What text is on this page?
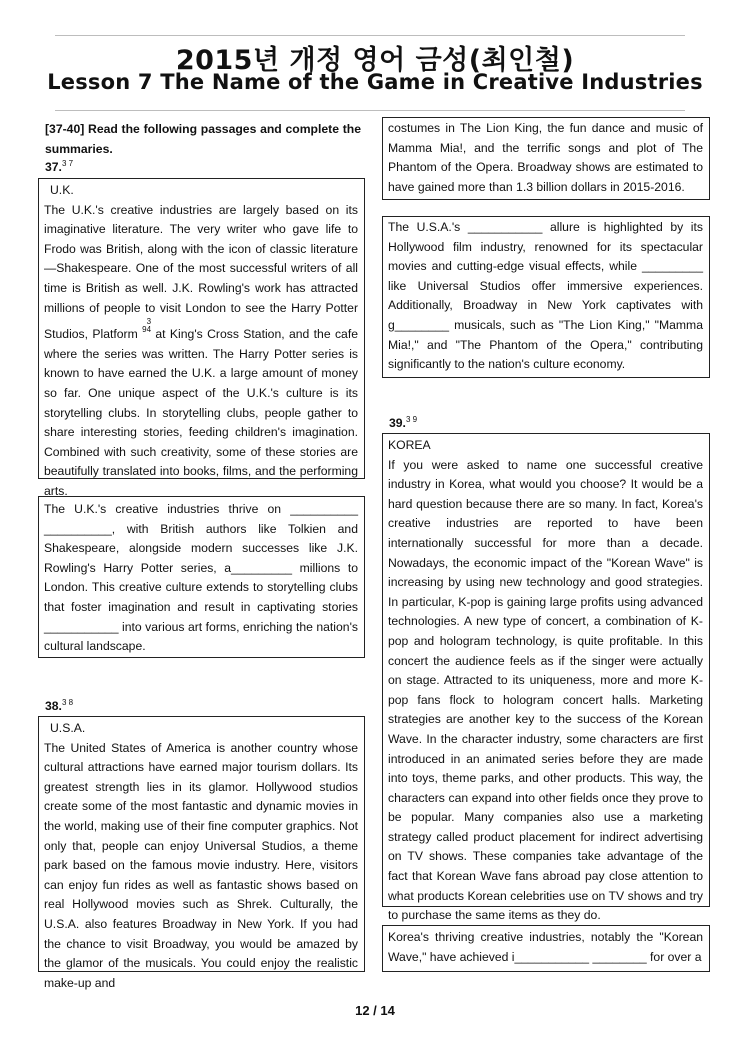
2015년 개정 영어 금성(최인철)
Lesson 7 The Name of the Game in Creative Industries
[37-40] Read the following passages and complete the summaries.
37.$^{3 7}$

U.K.

The U.K.'s creative industries are largely based on its imaginative literature. The very writer who gave life to Frodo was British, along with the icon of classic literature—Shakespeare. One of the most successful writers of all time is British as well. J.K. Rowling's work has attracted millions of people to visit London to see the Harry Potter Studios, Platform 93
4 at King's Cross Station, and the cafe where the series was written. The Harry Potter series is known to have earned the U.K. a large amount of money so far. One unique aspect of the U.K.'s culture is its storytelling clubs. In storytelling clubs, people gather to share interesting stories, feeding children's imagination. Combined with such creativity, some of these stories are beautifully translated into books, films, and the performing arts.

The U.K.'s creative industries thrive on __________ __________, with British authors like Tolkien and Shakespeare, alongside modern successes like J.K. Rowling's Harry Potter series, a_________ millions to London. This creative culture extends to storytelling clubs that foster imagination and result in captivating stories ___________ into various art forms, enriching the nation's cultural landscape.

38.$^{3 8}$

U.S.A.

The United States of America is another country whose cultural attractions have earned major tourism dollars. Its greatest strength lies in its glamor. Hollywood studios create some of the most fantastic and dynamic movies in the world, making use of their fine computer graphics. Not only that, people can enjoy Universal Studios, a theme park based on the famous movie industry. Here, visitors can enjoy fun rides as well as fantastic shows based on real Hollywood movies such as Shrek. Culturally, the U.S.A. also features Broadway in New York. If you had the chance to visit Broadway, you would be amazed by the glamor of the musicals. You could enjoy the realistic make-up and

costumes in The Lion King, the fun dance and music of Mamma Mia!, and the terrific songs and plot of The Phantom of the Opera. Broadway shows are estimated to have gained more than 1.3 billion dollars in 2015-2016.

The U.S.A.'s ___________ allure is highlighted by its Hollywood film industry, renowned for its spectacular movies and cutting-edge visual effects, while _________ like Universal Studios offer immersive experiences. Additionally, Broadway in New York captivates with g________ musicals, such as "The Lion King," "Mamma Mia!," and "The Phantom of the Opera," contributing significantly to the nation's culture economy.

39.$^{3 9}$

KOREA

If you were asked to name one successful creative industry in Korea, what would you choose? It would be a hard question because there are so many. In fact, Korea's creative industries are reported to have been internationally successful for more than a decade. Nowadays, the economic impact of the "Korean Wave" is increasing by using new technology and good strategies. In particular, K-pop is gaining large profits using advanced technologies. A new type of concert, a combination of K-pop and hologram technology, is quite profitable. In this concert the audience feels as if the singer were actually on stage. Attracted to its uniqueness, more and more K-pop fans flock to hologram concert halls. Marketing strategies are another key to the success of the Korean Wave. In the character industry, some characters are first introduced in an animated series before they are made into toys, theme parks, and other products. This way, the characters can expand into other fields once they prove to be popular. Many companies also use a marketing strategy called product placement for indirect advertising on TV shows. These companies take advantage of the fact that Korean Wave fans abroad pay close attention to what products Korean celebrities use on TV shows and try to purchase the same items as they do.

Korea's thriving creative industries, notably the "Korean Wave," have achieved i___________ ________ for over a

12 / 14
